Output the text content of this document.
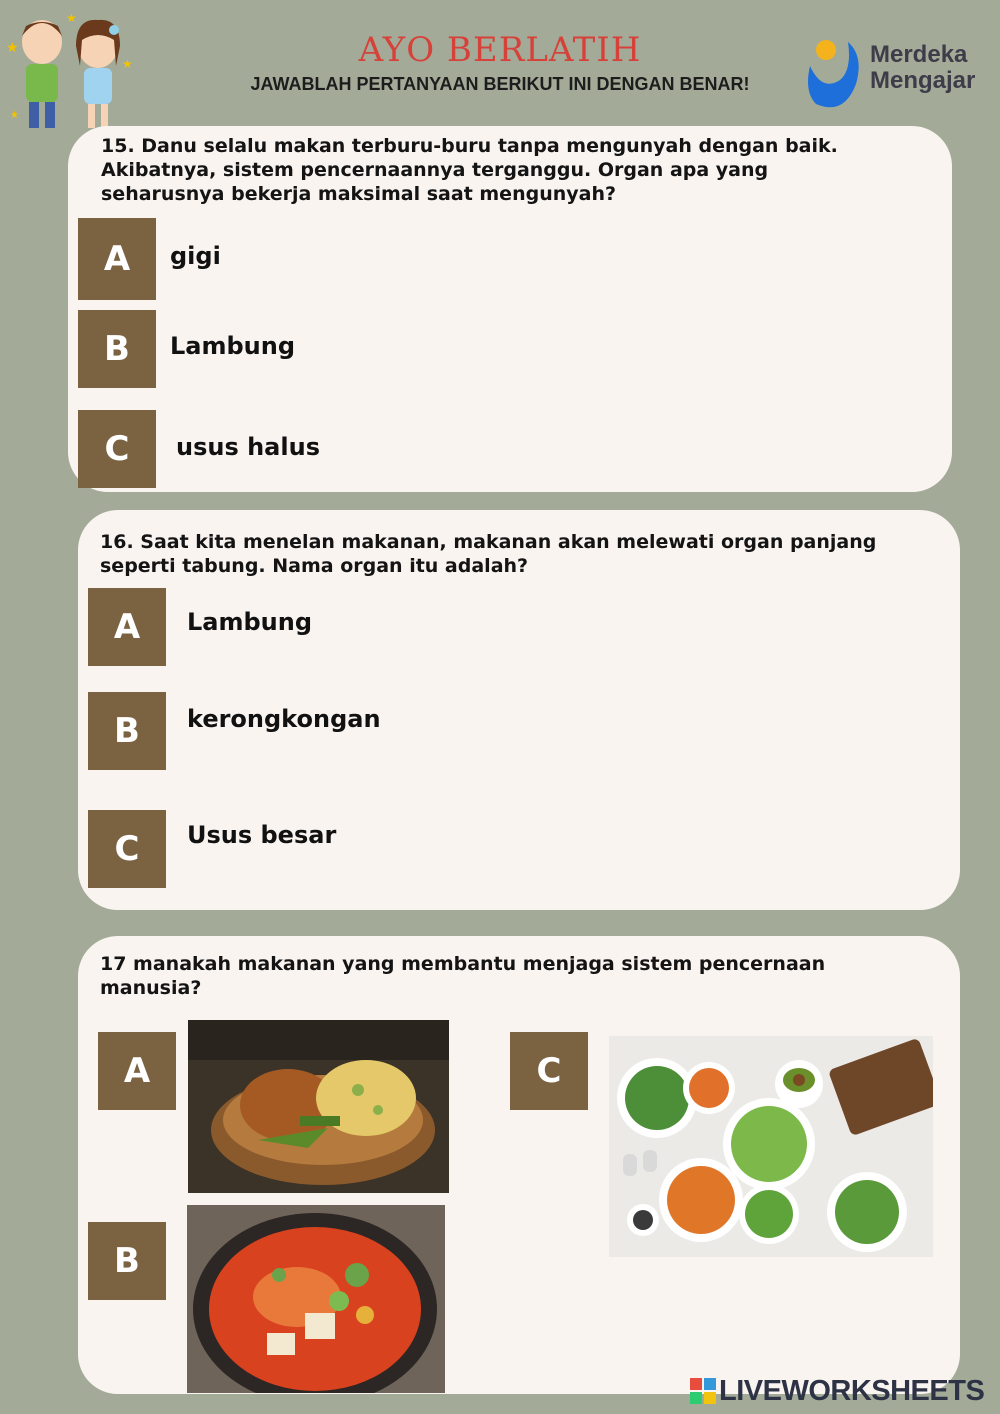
★
★
★
★
AYO BERLATIH
JAWABLAH PERTANYAAN BERIKUT INI DENGAN BENAR!
Merdeka
Mengajar
15. Danu selalu makan terburu-buru tanpa mengunyah dengan baik. Akibatnya, sistem pencernaannya terganggu. Organ apa yang seharusnya bekerja maksimal saat mengunyah?
A	gigi
B	Lambung
C	usus halus
16. Saat kita menelan makanan, makanan akan melewati organ panjang seperti tabung. Nama organ itu adalah?
A	Lambung
B	kerongkongan
C	Usus besar
17 manakah makanan yang membantu menjaga sistem pencernaan manusia?
A
B
C
LIVEWORKSHEETS
